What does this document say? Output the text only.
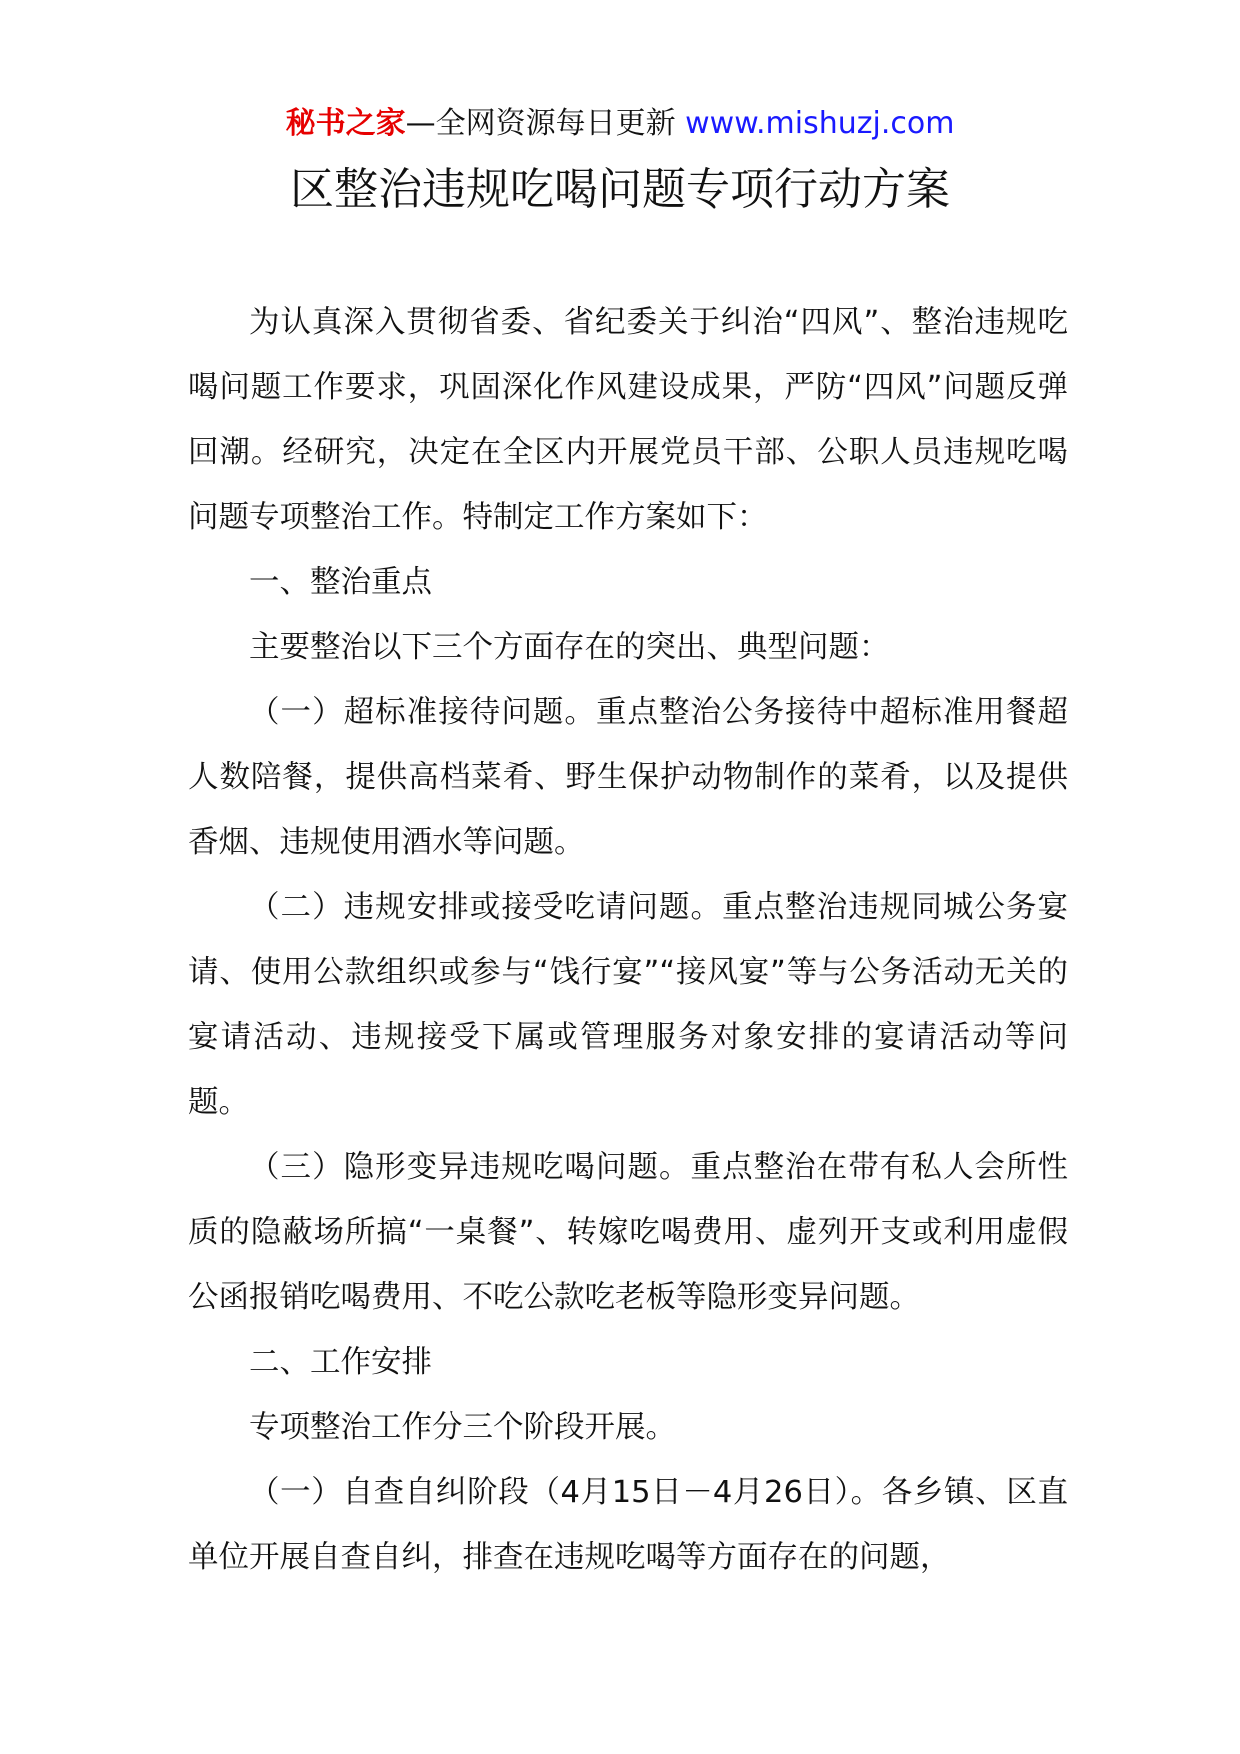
秘书之家—全网资源每日更新 www.mishuzj.com
区整治违规吃喝问题专项行动方案

为认真深入贯彻省委、省纪委关于纠治“四风”、整治违规吃喝问题工作要求，巩固深化作风建设成果，严防“四风”问题反弹回潮。经研究，决定在全区内开展党员干部、公职人员违规吃喝问题专项整治工作。特制定工作方案如下：

一、整治重点

主要整治以下三个方面存在的突出、典型问题：

（一）超标准接待问题。重点整治公务接待中超标准用餐超人数陪餐，提供高档菜肴、野生保护动物制作的菜肴，以及提供香烟、违规使用酒水等问题。

（二）违规安排或接受吃请问题。重点整治违规同城公务宴请、使用公款组织或参与“饯行宴”“接风宴”等与公务活动无关的宴请活动、违规接受下属或管理服务对象安排的宴请活动等问题。

（三）隐形变异违规吃喝问题。重点整治在带有私人会所性质的隐蔽场所搞“一桌餐”、转嫁吃喝费用、虚列开支或利用虚假公函报销吃喝费用、不吃公款吃老板等隐形变异问题。

二、工作安排

专项整治工作分三个阶段开展。

（一）自查自纠阶段（4月15日－4月26日）。各乡镇、区直单位开展自查自纠，排查在违规吃喝等方面存在的问题，
